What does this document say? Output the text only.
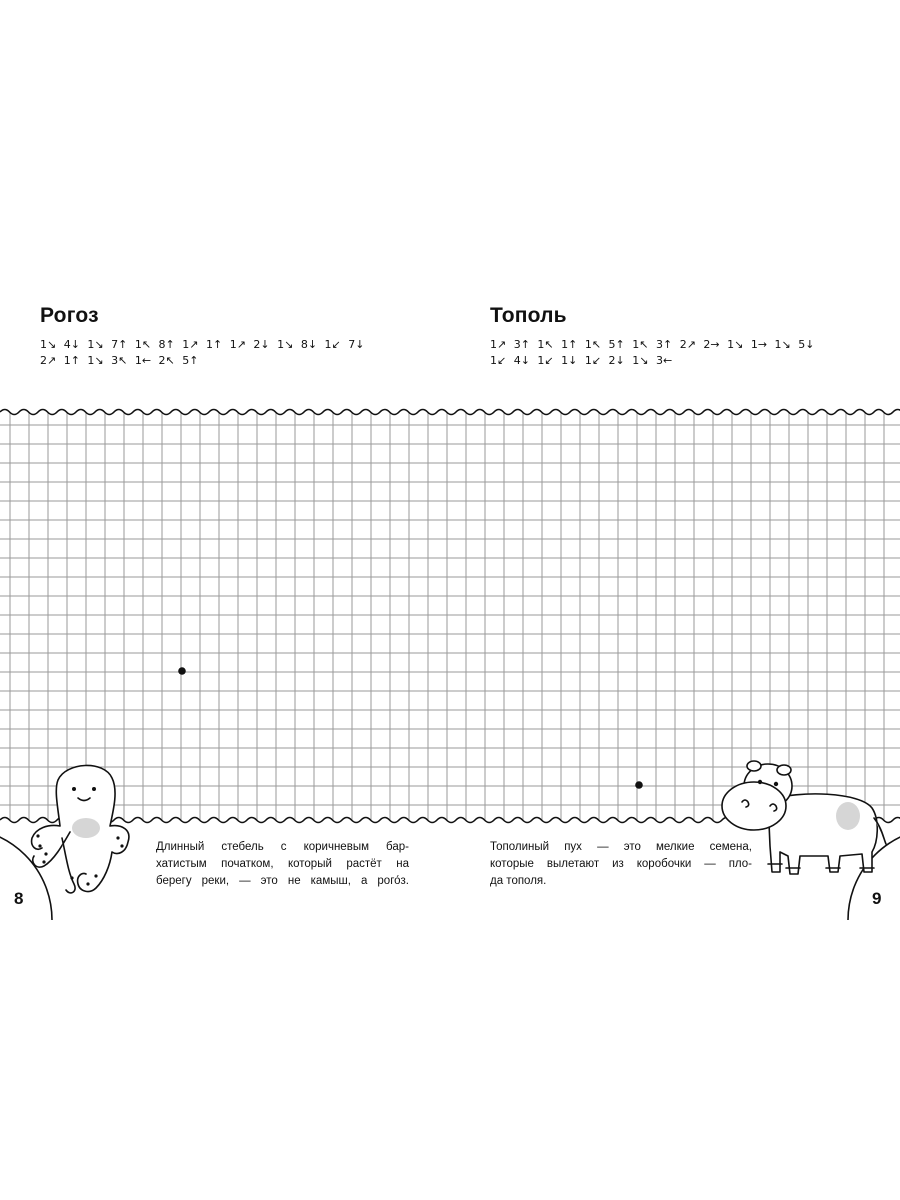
Рогоз

1↘ 4↓ 1↘ 7↑ 1↖ 8↑ 1↗ 1↑ 1↗ 2↓ 1↘ 8↓ 1↙ 7↓

2↗ 1↑ 1↘ 3↖ 1← 2↖ 5↑

Тополь

1↗ 3↑ 1↖ 1↑ 1↖ 5↑ 1↖ 3↑ 2↗ 2→ 1↘ 1→ 1↘ 5↓

1↙ 4↓ 1↙ 1↓ 1↙ 2↓ 1↘ 3←

Длинный стебель с коричневым бар-
хатистым початком, который растёт на
берегу реки, — это не камыш, а рого́з.
Тополиный пух — это мелкие семена,
которые вылетают из коробочки — пло-
да тополя.

8	9
